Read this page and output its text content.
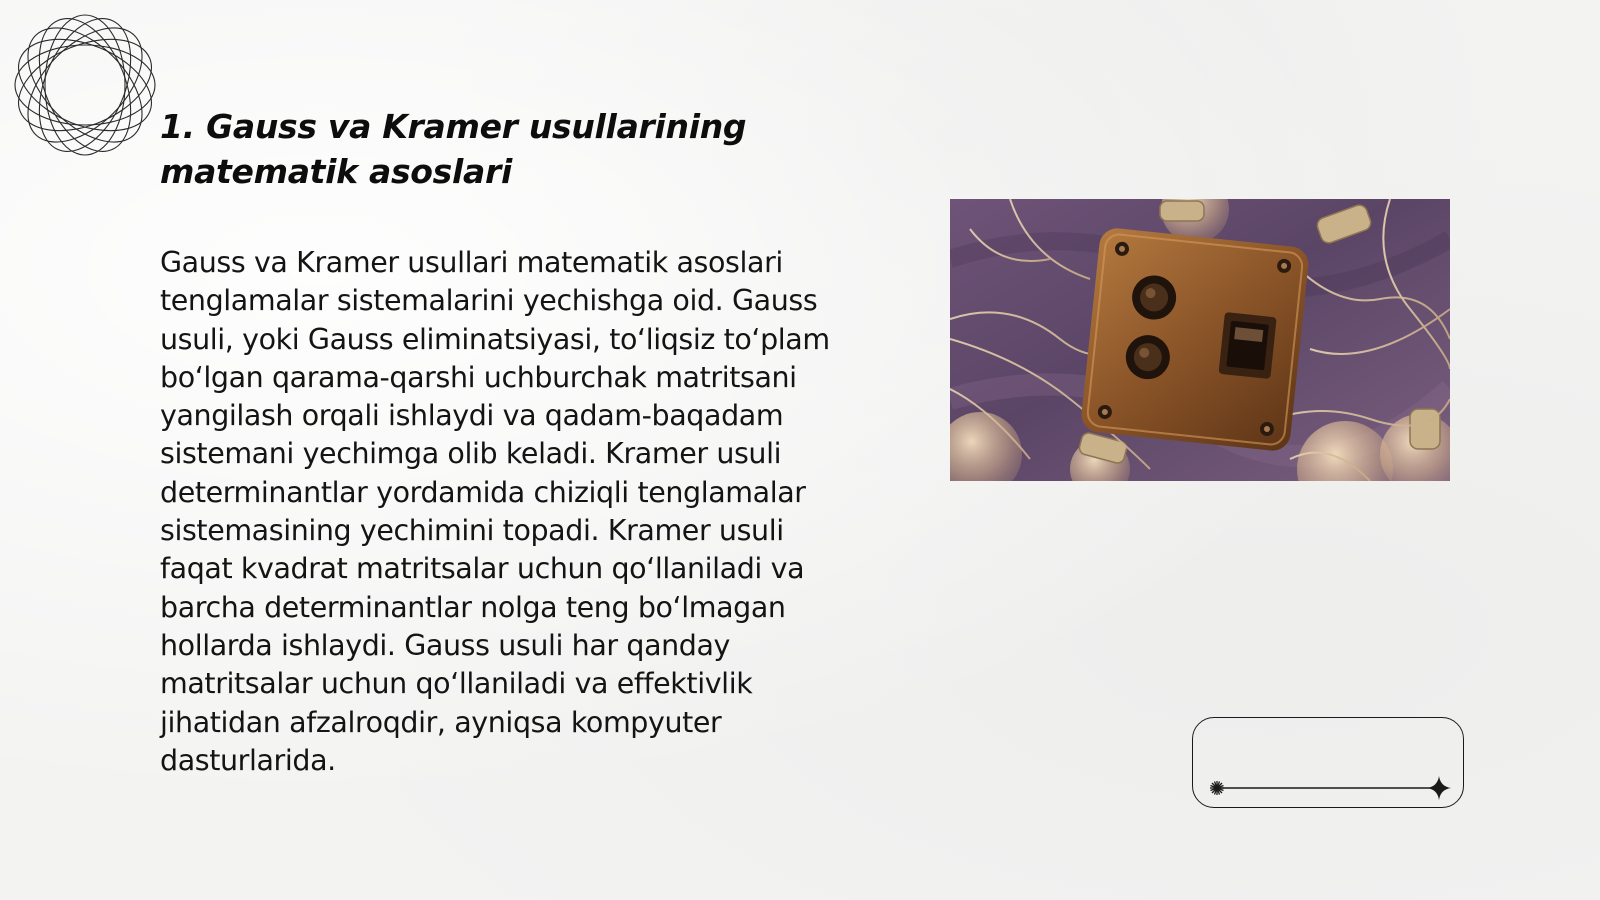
1. Gauss va Kramer usullarining matematik asoslari

Gauss va Kramer usullari matematik asoslari tenglamalar sistemalarini yechishga oid. Gauss usuli, yoki Gauss eliminatsiyasi, to‘liqsiz to‘plam bo‘lgan qarama-qarshi uchburchak matritsani yangilash orqali ishlaydi va qadam-baqadam sistemani yechimga olib keladi. Kramer usuli determinantlar yordamida chiziqli tenglamalar sistemasining yechimini topadi. Kramer usuli faqat kvadrat matritsalar uchun qo‘llaniladi va barcha determinantlar nolga teng bo‘lmagan hollarda ishlaydi. Gauss usuli har qanday matritsalar uchun qo‘llaniladi va effektivlik jihatidan afzalroqdir, ayniqsa kompyuter dasturlarida.
